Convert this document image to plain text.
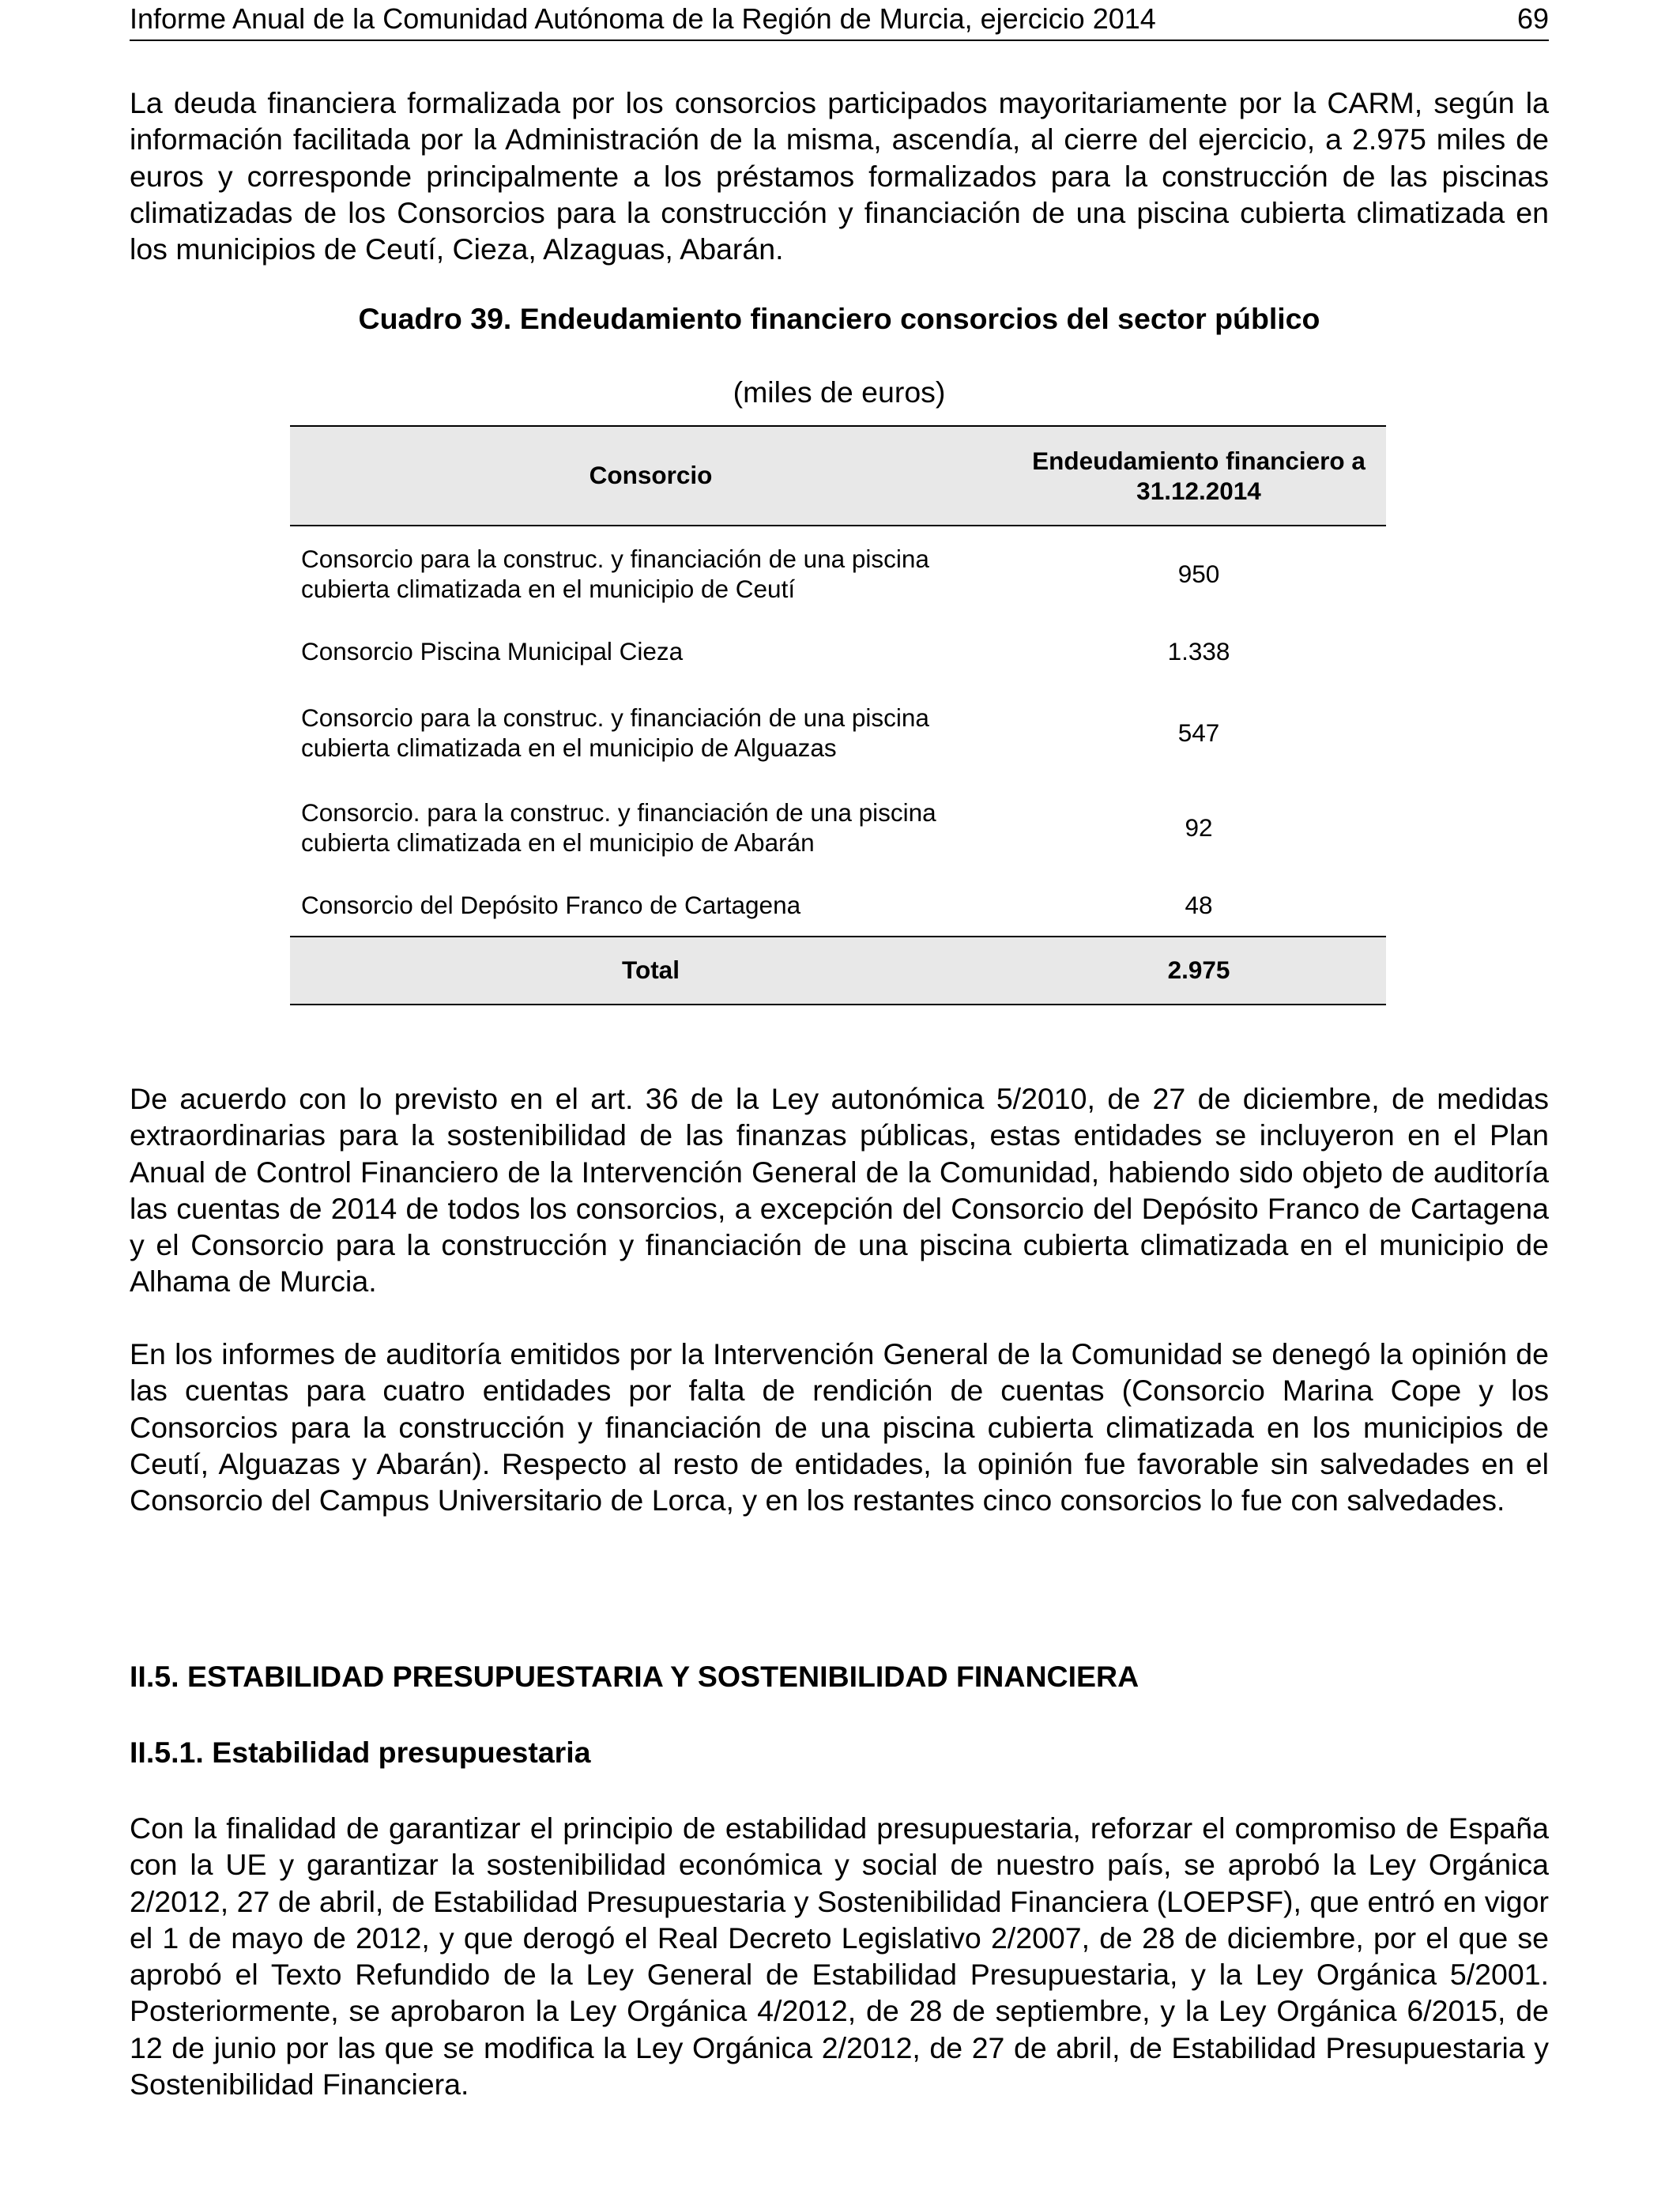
Informe Anual de la Comunidad Autónoma de la Región de Murcia, ejercicio 2014	69

La deuda financiera formalizada por los consorcios participados mayoritariamente por la CARM, según la información facilitada por la Administración de la misma, ascendía, al cierre del ejercicio, a 2.975 miles de euros y corresponde principalmente a los préstamos formalizados para la construcción de las piscinas climatizadas de los Consorcios para la construcción y financiación de una piscina cubierta climatizada en los municipios de Ceutí, Cieza, Alzaguas, Abarán.

Cuadro 39. Endeudamiento financiero consorcios del sector público
(miles de euros)
Consorcio	Endeudamiento financiero a
31.12.2014
Consorcio para la construc. y financiación de una piscina
cubierta climatizada en el municipio de Ceutí
950
Consorcio Piscina Municipal Cieza	1.338
Consorcio para la construc. y financiación de una piscina
cubierta climatizada en el municipio de Alguazas
547
Consorcio. para la construc. y financiación de una piscina
cubierta climatizada en el municipio de Abarán
92
Consorcio del Depósito Franco de Cartagena	48
Total	2.975

De acuerdo con lo previsto en el art. 36 de la Ley autonómica 5/2010, de 27 de diciembre, de medidas extraordinarias para la sostenibilidad de las finanzas públicas, estas entidades se incluyeron en el Plan Anual de Control Financiero de la Intervención General de la Comunidad, habiendo sido objeto de auditoría las cuentas de 2014 de todos los consorcios, a excepción del Consorcio del Depósito Franco de Cartagena y el Consorcio para la construcción y financiación de una piscina cubierta climatizada en el municipio de Alhama de Murcia.

En los informes de auditoría emitidos por la Intervención General de la Comunidad se denegó la opinión de las cuentas para cuatro entidades por falta de rendición de cuentas (Consorcio Marina Cope y los Consorcios para la construcción y financiación de una piscina cubierta climatizada en los municipios de Ceutí, Alguazas y Abarán). Respecto al resto de entidades, la opinión fue favorable sin salvedades en el Consorcio del Campus Universitario de Lorca, y en los restantes cinco consorcios lo fue con salvedades.

II.5. ESTABILIDAD PRESUPUESTARIA Y SOSTENIBILIDAD FINANCIERA
II.5.1. Estabilidad presupuestaria

Con la finalidad de garantizar el principio de estabilidad presupuestaria, reforzar el compromiso de España con la UE y garantizar la sostenibilidad económica y social de nuestro país, se aprobó la Ley Orgánica 2/2012, 27 de abril, de Estabilidad Presupuestaria y Sostenibilidad Financiera (LOEPSF), que entró en vigor el 1 de mayo de 2012, y que derogó el Real Decreto Legislativo 2/2007, de 28 de diciembre, por el que se aprobó el Texto Refundido de la Ley General de Estabilidad Presupuestaria, y la Ley Orgánica 5/2001. Posteriormente, se aprobaron la Ley Orgánica 4/2012, de 28 de septiembre, y la Ley Orgánica 6/2015, de 12 de junio por las que se modifica la Ley Orgánica 2/2012, de 27 de abril, de Estabilidad Presupuestaria y Sostenibilidad Financiera.
